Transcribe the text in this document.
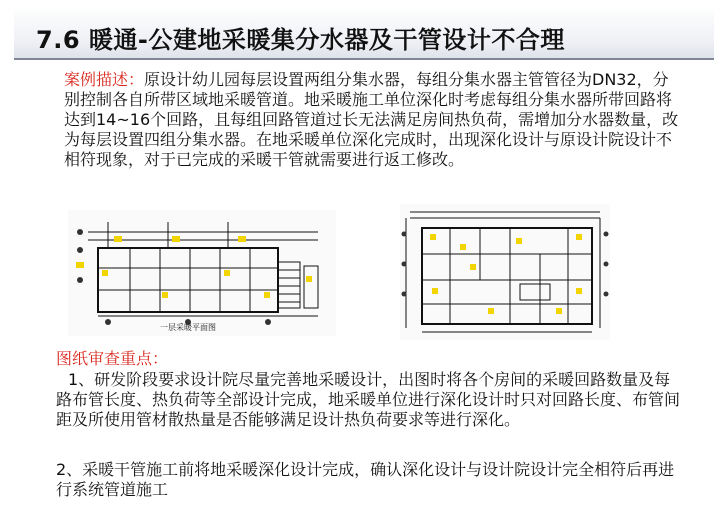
7.6 暖通-公建地采暖集分水器及干管设计不合理
案例描述：原设计幼儿园每层设置两组分集水器，每组分集水器主管管径为DN32，分别控制各自所带区域地采暖管道。地采暖施工单位深化时考虑每组分集水器所带回路将达到14~16个回路，且每组回路管道过长无法满足房间热负荷，需增加分水器数量，改为每层设置四组分集水器。在地采暖单位深化完成时，出现深化设计与原设计院设计不相符现象，对于已完成的采暖干管就需要进行返工修改。
一层采暖平面图
图纸审查重点：
1、研发阶段要求设计院尽量完善地采暖设计，出图时将各个房间的采暖回路数量及每路布管长度、热负荷等全部设计完成，地采暖单位进行深化设计时只对回路长度、布管间距及所使用管材散热量是否能够满足设计热负荷要求等进行深化。
2、采暖干管施工前将地采暖深化设计完成，确认深化设计与设计院设计完全相符后再进行系统管道施工
